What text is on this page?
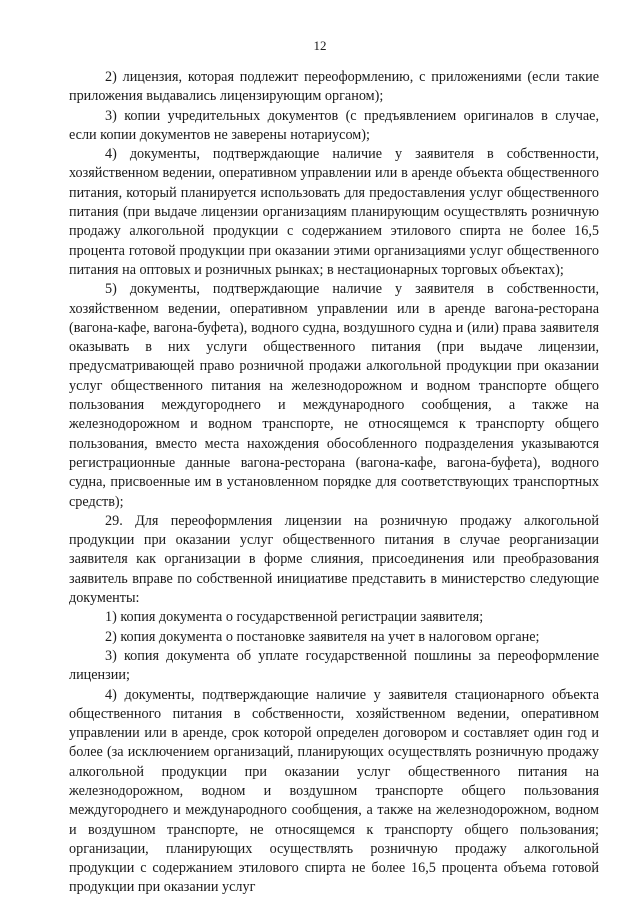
12

2) лицензия, которая подлежит переоформлению, с приложениями (если такие приложения выдавались лицензирующим органом);

3) копии учредительных документов (с предъявлением оригиналов в случае, если копии документов не заверены нотариусом);

4) документы, подтверждающие наличие у заявителя в собственности, хозяйственном ведении, оперативном управлении или в аренде объекта общественного питания, который планируется использовать для предоставления услуг общественного питания (при выдаче лицензии организациям планирующим осуществлять розничную продажу алкогольной продукции с содержанием этилового спирта не более 16,5 процента готовой продукции при оказании этими организациями услуг общественного питания на оптовых и розничных рынках; в нестационарных торговых объектах);

5) документы, подтверждающие наличие у заявителя в собственности, хозяйственном ведении, оперативном управлении или в аренде вагона-ресторана (вагона-кафе, вагона-буфета), водного судна, воздушного судна и (или) права заявителя оказывать в них услуги общественного питания (при выдаче лицензии, предусматривающей право розничной продажи алкогольной продукции при оказании услуг общественного питания на железнодорожном и водном транспорте общего пользования междугороднего и международного сообщения, а также на железнодорожном и водном транспорте, не относящемся к транспорту общего пользования, вместо места нахождения обособленного подразделения указываются регистрационные данные вагона-ресторана (вагона-кафе, вагона-буфета), водного судна, присвоенные им в установленном порядке для соответствующих транспортных средств);

29. Для переоформления лицензии на розничную продажу алкогольной продукции при оказании услуг общественного питания в случае реорганизации заявителя как организации в форме слияния, присоединения или преобразования заявитель вправе по собственной инициативе представить в министерство следующие документы:

1) копия документа о государственной регистрации заявителя;

2) копия документа о постановке заявителя на учет в налоговом органе;

3) копия документа об уплате государственной пошлины за переоформление лицензии;

4) документы, подтверждающие наличие у заявителя стационарного объекта общественного питания в собственности, хозяйственном ведении, оперативном управлении или в аренде, срок которой определен договором и составляет один год и более (за исключением организаций, планирующих осуществлять розничную продажу алкогольной продукции при оказании услуг общественного питания на железнодорожном, водном и воздушном транспорте общего пользования междугороднего и международного сообщения, а также на железнодорожном, водном и воздушном транспорте, не относящемся к транспорту общего пользования; организации, планирующих осуществлять розничную продажу алкогольной продукции с содержанием этилового спирта не более 16,5 процента объема готовой продукции при оказании услуг
